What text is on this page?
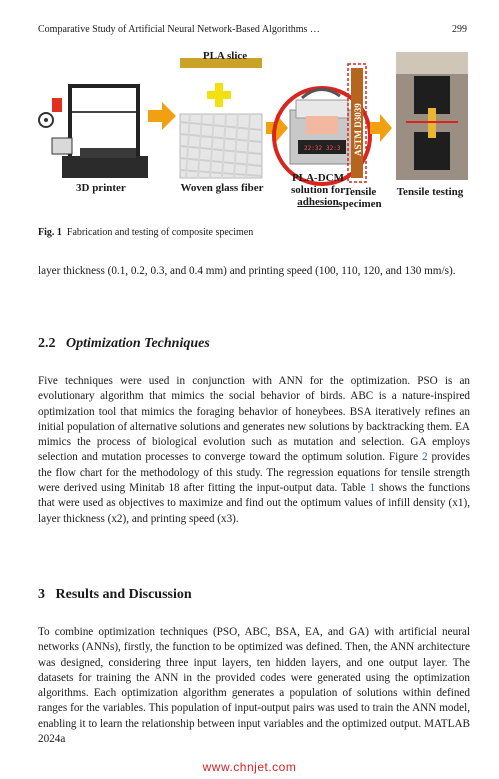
Comparative Study of Artificial Neural Network-Based Algorithms …	299
22:32 32:3 ASTM D3039
3D printer
PLA slice
Woven glass fiber
PLA-DCM
solution for
adhesion
Tensile
specimen
Tensile testing
Fig. 1 Fabrication and testing of composite specimen
layer thickness (0.1, 0.2, 0.3, and 0.4 mm) and printing speed (100, 110, 120, and 130 mm/s).
2.2 Optimization Techniques
Five techniques were used in conjunction with ANN for the optimization. PSO is an evolutionary algorithm that mimics the social behavior of birds. ABC is a nature-inspired optimization tool that mimics the foraging behavior of honeybees. BSA iteratively refines an initial population of alternative solutions and generates new solutions by backtracking them. EA mimics the process of biological evolution such as mutation and selection. GA employs selection and mutation processes to converge toward the optimum solution. Figure 2 provides the flow chart for the methodology of this study. The regression equations for tensile strength were derived using Minitab 18 after fitting the input-output data. Table 1 shows the functions that were used as objectives to maximize and find out the optimum values of infill density (x1), layer thickness (x2), and printing speed (x3).
3 Results and Discussion
To combine optimization techniques (PSO, ABC, BSA, EA, and GA) with artificial neural networks (ANNs), firstly, the function to be optimized was defined. Then, the ANN architecture was designed, considering three input layers, ten hidden layers, and one output layer. The datasets for training the ANN in the provided codes were generated using the optimization algorithms. Each optimization algorithm generates a population of solutions within defined ranges for the variables. This population of input-output pairs was used to train the ANN model, enabling it to learn the relationship between input variables and the optimized output. MATLAB 2024a
www.chnjet.com
